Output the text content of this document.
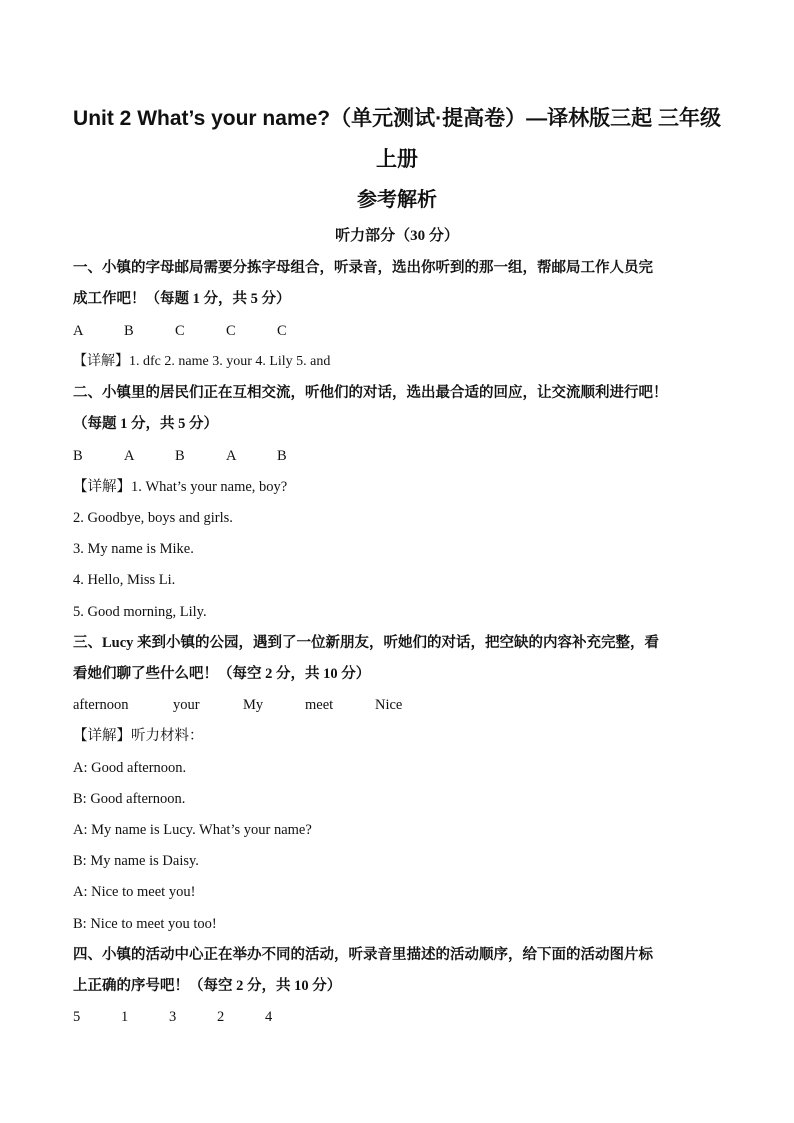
Unit 2 What’s your name?（单元测试·提高卷）—译林版三起 三年级
上册
参考解析
听力部分（30 分）
一、小镇的字母邮局需要分拣字母组合，听录音，选出你听到的那一组，帮邮局工作人员完
成工作吧！（每题 1 分，共 5 分）
A	B	C	C	C
【详解】1. dfc 2. name 3. your 4. Lily 5. and
二、小镇里的居民们正在互相交流，听他们的对话，选出最合适的回应，让交流顺利进行吧！
（每题 1 分，共 5 分）
B	A	B	A	B
【详解】1. What’s your name, boy?
2. Goodbye, boys and girls.
3. My name is Mike.
4. Hello, Miss Li.
5. Good morning, Lily.
三、Lucy 来到小镇的公园，遇到了一位新朋友，听她们的对话，把空缺的内容补充完整，看
看她们聊了些什么吧！（每空 2 分，共 10 分）
afternoon	your	My	meet	Nice
【详解】听力材料：
A: Good afternoon.
B: Good afternoon.
A: My name is Lucy. What’s your name?
B: My name is Daisy.
A: Nice to meet you!
B: Nice to meet you too!
四、小镇的活动中心正在举办不同的活动，听录音里描述的活动顺序，给下面的活动图片标
上正确的序号吧！（每空 2 分，共 10 分）
5	1	3	2	4
